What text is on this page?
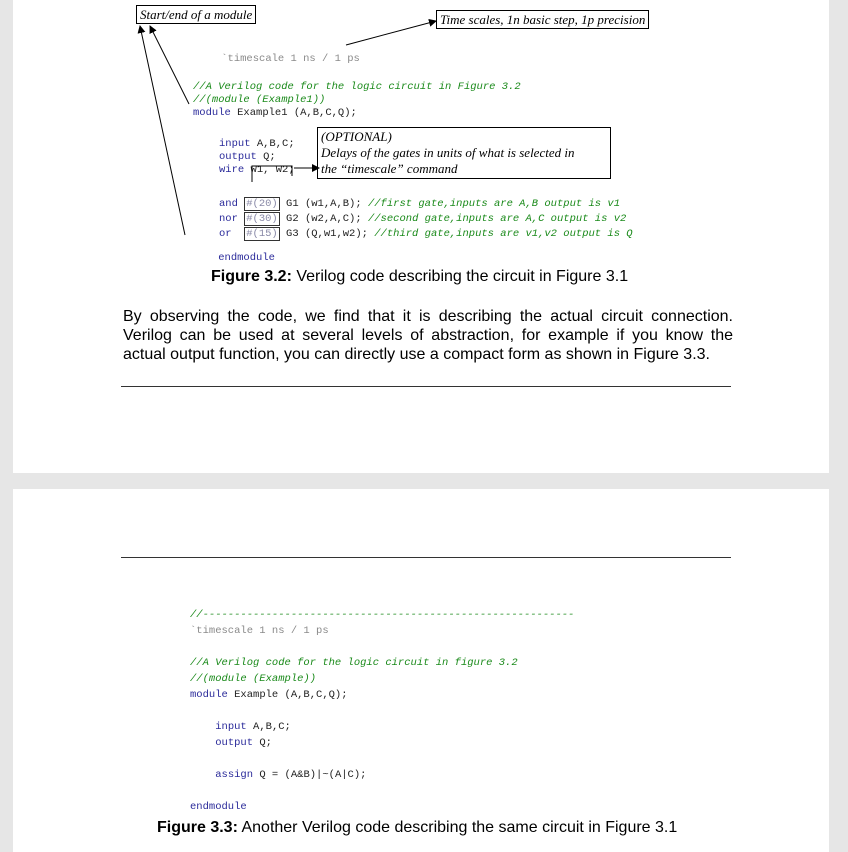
Start/end of a module	Time scales, 1n basic step, 1p precision

`timescale 1 ns / 1 ps

//A Verilog code for the logic circuit in Figure 3.2
//(module (Example1))
module Example1 (A,B,C,Q);

input A,B,C;
output Q;
wire w1, w2;
(OPTIONAL)
Delays of the gates in units of what is selected in
the “timescale” command

and #(20) G1 (w1,A,B); //first gate,inputs are A,B output is v1
nor #(30) G2 (w2,A,C); //second gate,inputs are A,C output is v2
or #(15) G3 (Q,w1,w2); //third gate,inputs are v1,v2 output is Q

endmodule

Figure 3.2: Verilog code describing the circuit in Figure 3.1
By observing the code, we find that it is describing the actual circuit connection. Verilog can be used at several levels of abstraction, for example if you know the actual output function, you can directly use a compact form as shown in Figure 3.3.

//-----------------------------------------------------------
`timescale 1 ns / 1 ps

//A Verilog code for the logic circuit in figure 3.2
//(module (Example))
module Example (A,B,C,Q);

input A,B,C;
output Q;

assign Q = (A&B)|~(A|C);

endmodule
Figure 3.3: Another Verilog code describing the same circuit in Figure 3.1
